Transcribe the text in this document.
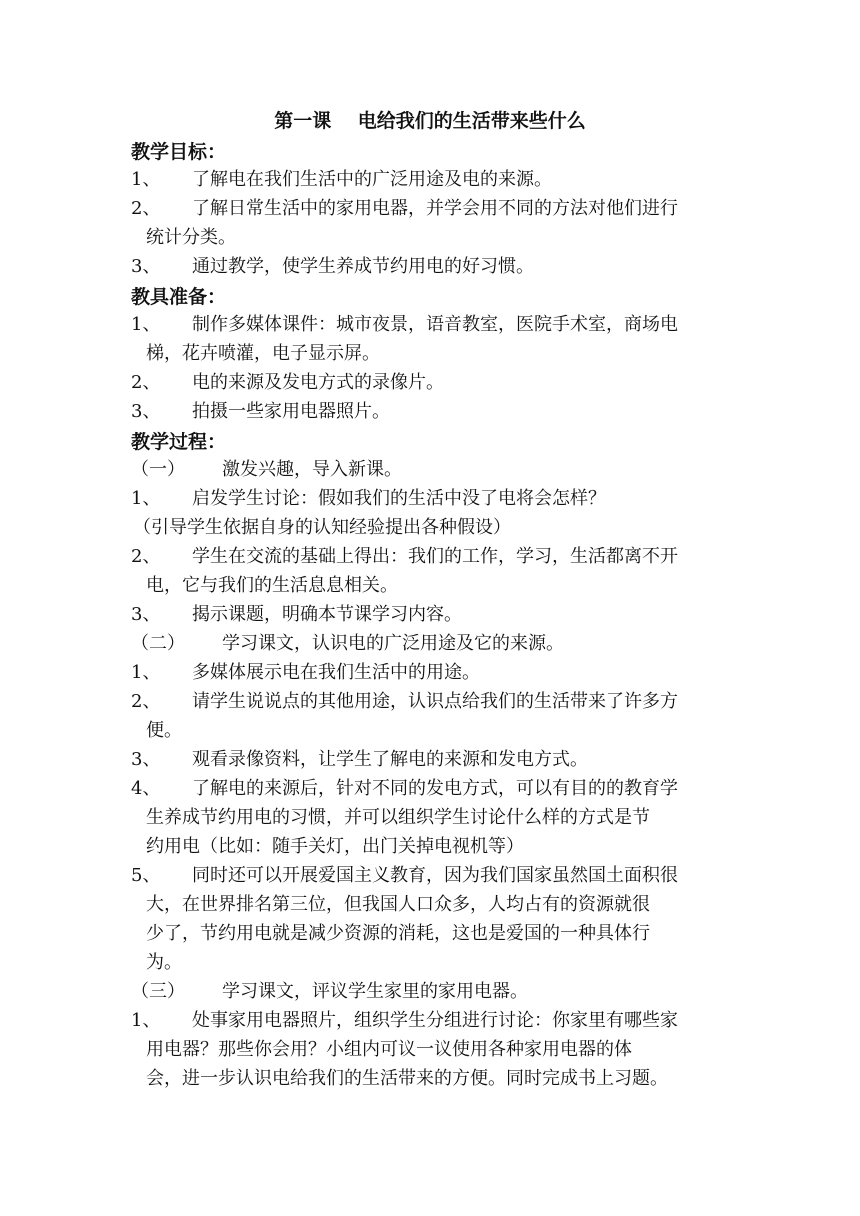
第一课    电给我们的生活带来些什么
教学目标：
1、 了解电在我们生活中的广泛用途及电的来源。
2、 了解日常生活中的家用电器，并学会用不同的方法对他们进行
统计分类。
3、 通过教学，使学生养成节约用电的好习惯。
教具准备：
1、 制作多媒体课件：城市夜景，语音教室，医院手术室，商场电
梯，花卉喷灌，电子显示屏。
2、 电的来源及发电方式的录像片。
3、 拍摄一些家用电器照片。
教学过程：
（一） 激发兴趣，导入新课。
1、 启发学生讨论：假如我们的生活中没了电将会怎样？
（引导学生依据自身的认知经验提出各种假设）
2、 学生在交流的基础上得出：我们的工作，学习，生活都离不开
电，它与我们的生活息息相关。
3、 揭示课题，明确本节课学习内容。
（二） 学习课文，认识电的广泛用途及它的来源。
1、 多媒体展示电在我们生活中的用途。
2、 请学生说说点的其他用途，认识点给我们的生活带来了许多方
便。
3、 观看录像资料，让学生了解电的来源和发电方式。
4、 了解电的来源后，针对不同的发电方式，可以有目的的教育学
生养成节约用电的习惯，并可以组织学生讨论什么样的方式是节
约用电（比如：随手关灯，出门关掉电视机等）
5、 同时还可以开展爱国主义教育，因为我们国家虽然国土面积很
大，在世界排名第三位，但我国人口众多，人均占有的资源就很
少了，节约用电就是减少资源的消耗，这也是爱国的一种具体行
为。
（三） 学习课文，评议学生家里的家用电器。
1、 处事家用电器照片，组织学生分组进行讨论：你家里有哪些家
用电器？那些你会用？小组内可议一议使用各种家用电器的体
会，进一步认识电给我们的生活带来的方便。同时完成书上习题。
